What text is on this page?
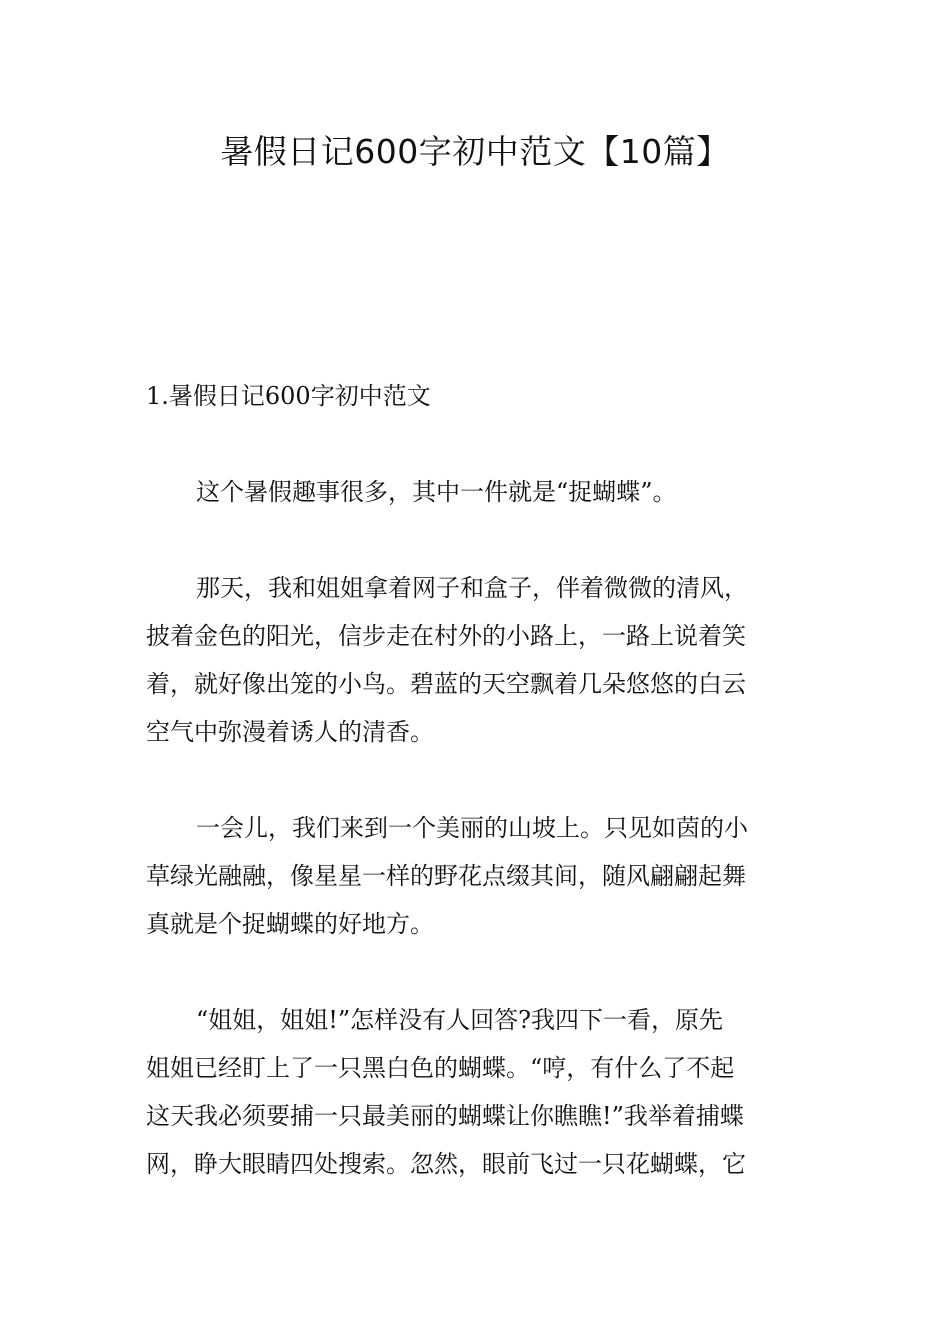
暑假日记600字初中范文【10篇】
1.暑假日记600字初中范文
这个暑假趣事很多，其中一件就是“捉蝴蝶”。
那天，我和姐姐拿着网子和盒子，伴着微微的清风，
披着金色的阳光，信步走在村外的小路上，一路上说着笑
着，就好像出笼的小鸟。碧蓝的天空飘着几朵悠悠的白云
空气中弥漫着诱人的清香。
一会儿，我们来到一个美丽的山坡上。只见如茵的小
草绿光融融，像星星一样的野花点缀其间，随风翩翩起舞
真就是个捉蝴蝶的好地方。
“姐姐，姐姐!”怎样没有人回答?我四下一看，原先
姐姐已经盯上了一只黑白色的蝴蝶。“哼，有什么了不起
这天我必须要捕一只最美丽的蝴蝶让你瞧瞧!”我举着捕蝶
网，睁大眼睛四处搜索。忽然，眼前飞过一只花蝴蝶，它
